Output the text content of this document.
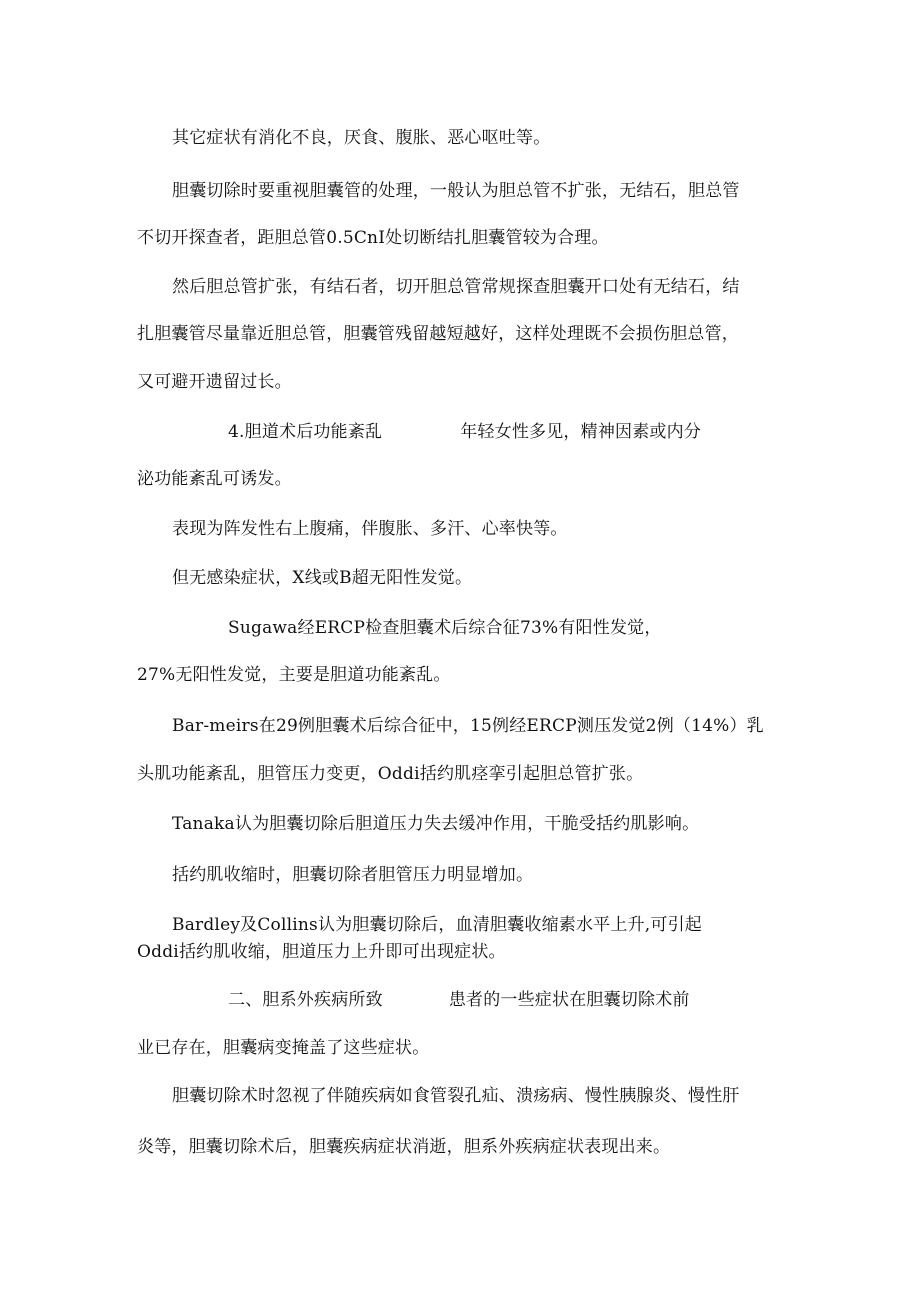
其它症状有消化不良，厌食、腹胀、恶心呕吐等。
胆囊切除时要重视胆囊管的处理，一般认为胆总管不扩张，无结石，胆总管
不切开探查者，距胆总管0.5CnI处切断结扎胆囊管较为合理。
然后胆总管扩张，有结石者，切开胆总管常规探查胆囊开口处有无结石，结
扎胆囊管尽量靠近胆总管，胆囊管残留越短越好，这样处理既不会损伤胆总管，
又可避开遗留过长。
4.胆道术后功能紊乱	年轻女性多见，精神因素或内分
泌功能紊乱可诱发。
表现为阵发性右上腹痛，伴腹胀、多汗、心率快等。
但无感染症状，X线或B超无阳性发觉。
Sugawa经ERCP检查胆囊术后综合征73%有阳性发觉，
27%无阳性发觉，主要是胆道功能紊乱。
Bar-meirs在29例胆囊术后综合征中，15例经ERCP测压发觉2例（14%）乳
头肌功能紊乱，胆管压力变更，Oddi括约肌痉挛引起胆总管扩张。
Tanaka认为胆囊切除后胆道压力失去缓冲作用，干脆受括约肌影响。
括约肌收缩时，胆囊切除者胆管压力明显增加。
Bardley及Collins认为胆囊切除后，血清胆囊收缩素水平上升,可引起
Oddi括约肌收缩，胆道压力上升即可出现症状。
二、胆系外疾病所致	患者的一些症状在胆囊切除术前
业已存在，胆囊病变掩盖了这些症状。
胆囊切除术时忽视了伴随疾病如食管裂孔疝、溃疡病、慢性胰腺炎、慢性肝
炎等，胆囊切除术后，胆囊疾病症状消逝，胆系外疾病症状表现出来。
